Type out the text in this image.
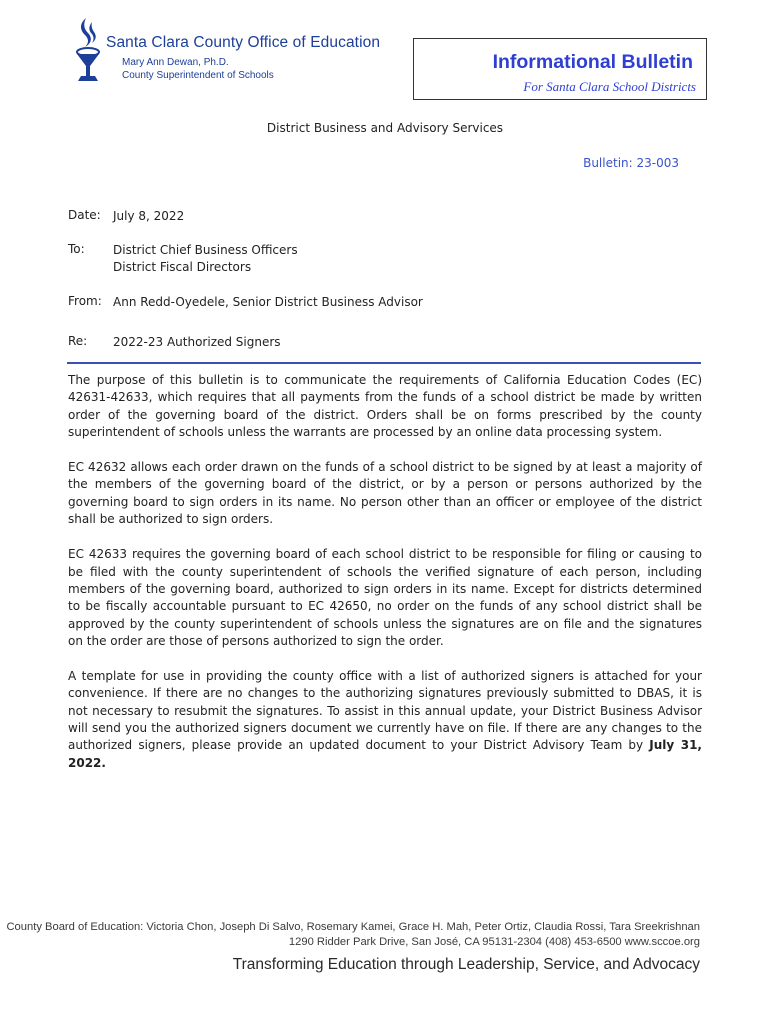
Santa Clara County Office of Education
Mary Ann Dewan, Ph.D.
County Superintendent of Schools
Informational Bulletin
For Santa Clara School Districts
District Business and Advisory Services
Bulletin: 23-003
Date: July 8, 2022
To: District Chief Business Officers
District Fiscal Directors
From: Ann Redd-Oyedele, Senior District Business Advisor
Re: 2022-23 Authorized Signers

The purpose of this bulletin is to communicate the requirements of California Education Codes (EC) 42631-42633, which requires that all payments from the funds of a school district be made by written order of the governing board of the district. Orders shall be on forms prescribed by the county superintendent of schools unless the warrants are processed by an online data processing system.

EC 42632 allows each order drawn on the funds of a school district to be signed by at least a majority of the members of the governing board of the district, or by a person or persons authorized by the governing board to sign orders in its name. No person other than an officer or employee of the district shall be authorized to sign orders.

EC 42633 requires the governing board of each school district to be responsible for filing or causing to be filed with the county superintendent of schools the verified signature of each person, including members of the governing board, authorized to sign orders in its name. Except for districts determined to be fiscally accountable pursuant to EC 42650, no order on the funds of any school district shall be approved by the county superintendent of schools unless the signatures are on file and the signatures on the order are those of persons authorized to sign the order.

A template for use in providing the county office with a list of authorized signers is attached for your convenience. If there are no changes to the authorizing signatures previously submitted to DBAS, it is not necessary to resubmit the signatures. To assist in this annual update, your District Business Advisor will send you the authorized signers document we currently have on file. If there are any changes to the authorized signers, please provide an updated document to your District Advisory Team by July 31, 2022.

County Board of Education: Victoria Chon, Joseph Di Salvo, Rosemary Kamei, Grace H. Mah, Peter Ortiz, Claudia Rossi, Tara Sreekrishnan
1290 Ridder Park Drive, San José, CA 95131-2304 (408) 453-6500 www.sccoe.org
Transforming Education through Leadership, Service, and Advocacy
